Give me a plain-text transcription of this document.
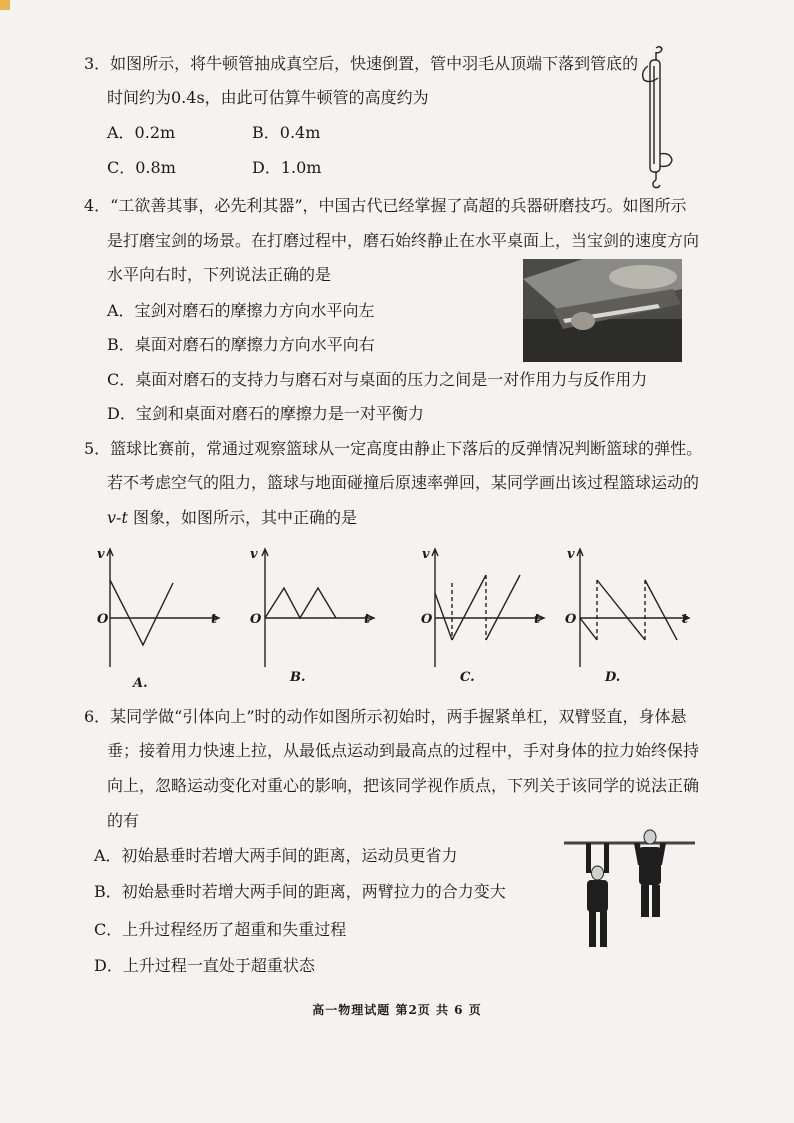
3．如图所示，将牛顿管抽成真空后，快速倒置，管中羽毛从顶端下落到管底的
时间约为0.4s，由此可估算牛顿管的高度约为
A．0.2m	B．0.4m
C．0.8m	D．1.0m
4．“工欲善其事，必先利其器”，中国古代已经掌握了高超的兵器研磨技巧。如图所示
是打磨宝剑的场景。在打磨过程中，磨石始终静止在水平桌面上，当宝剑的速度方向
水平向右时，下列说法正确的是
A．宝剑对磨石的摩擦力方向水平向左
B．桌面对磨石的摩擦力方向水平向右
C．桌面对磨石的支持力与磨石对与桌面的压力之间是一对作用力与反作用力
D．宝剑和桌面对磨石的摩擦力是一对平衡力
5．篮球比赛前，常通过观察篮球从一定高度由静止下落后的反弹情况判断篮球的弹性。
若不考虑空气的阻力，篮球与地面碰撞后原速率弹回，某同学画出该过程篮球运动的
v-t 图象，如图所示，其中正确的是
v
O	t
A.
v
O	t
B.
v
O	t
C.
v
O	t
D.
6．某同学做“引体向上”时的动作如图所示初始时，两手握紧单杠，双臂竖直，身体悬
垂；接着用力快速上拉，从最低点运动到最高点的过程中，手对身体的拉力始终保持
向上，忽略运动变化对重心的影响，把该同学视作质点，下列关于该同学的说法正确
的有
A．初始悬垂时若增大两手间的距离，运动员更省力
B．初始悬垂时若增大两手间的距离，两臂拉力的合力变大
C．上升过程经历了超重和失重过程
D．上升过程一直处于超重状态
高一物理试题 第2页 共 6 页
